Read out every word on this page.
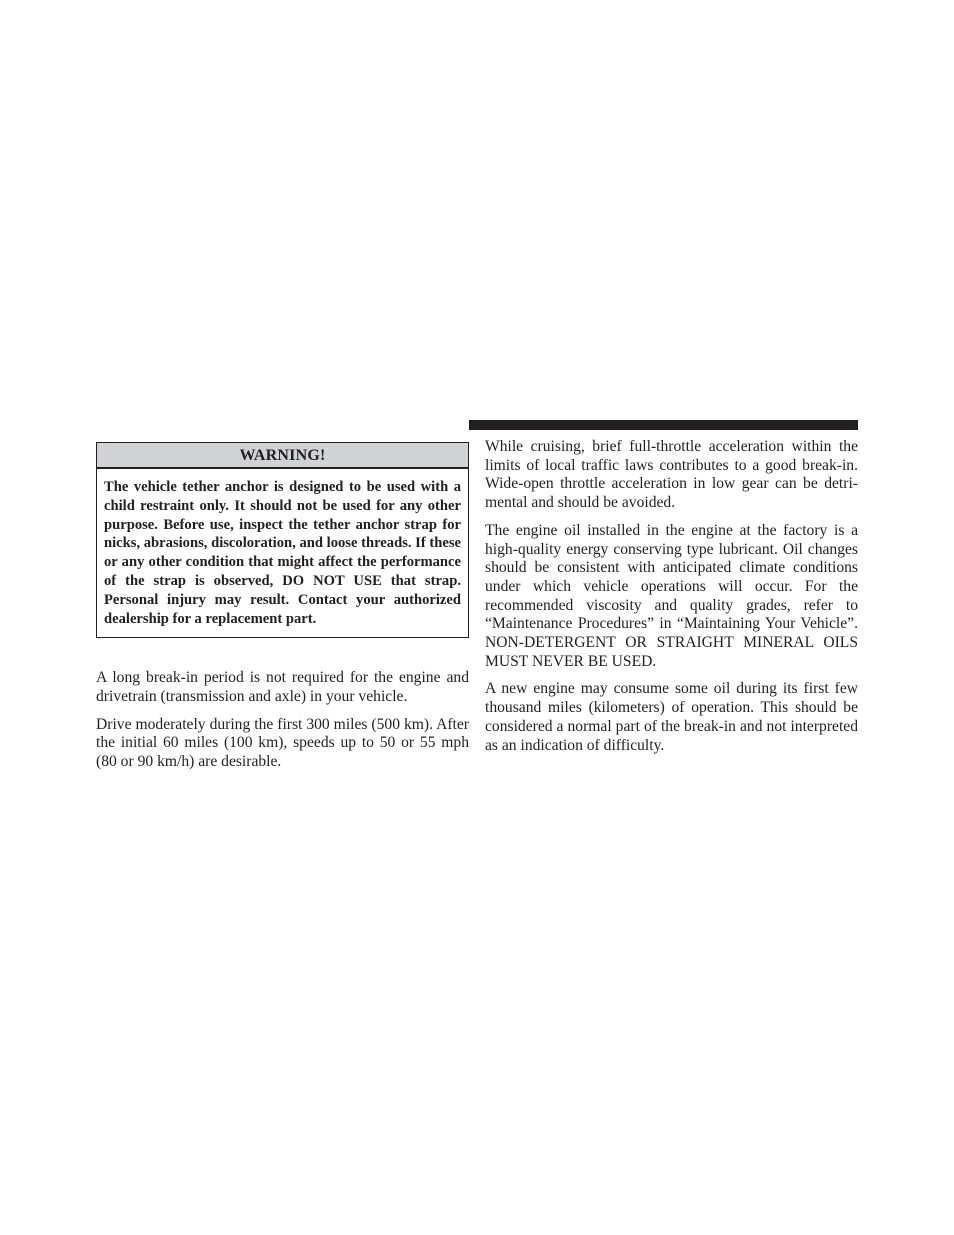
WARNING!
The vehicle tether anchor is designed to be used with a child restraint only. It should not be used for any other purpose. Before use, inspect the tether anchor strap for nicks, abrasions, discoloration, and loose threads. If these or any other condition that might affect the performance of the strap is observed, DO NOT USE that strap. Personal injury may result. Contact your authorized dealership for a replacement part.

A long break-in period is not required for the engine and drivetrain (transmission and axle) in your vehicle.

Drive moderately during the first 300 miles (500 km). After the initial 60 miles (100 km), speeds up to 50 or 55 mph (80 or 90 km/h) are desirable.

While cruising, brief full-throttle acceleration within the limits of local traffic laws contributes to a good break-in. Wide-open throttle acceleration in low gear can be detrimental and should be avoided.

The engine oil installed in the engine at the factory is a high-quality energy conserving type lubricant. Oil changes should be consistent with anticipated climate conditions under which vehicle operations will occur. For the recommended viscosity and quality grades, refer to “Maintenance Procedures” in “Maintaining Your Vehicle”. NON-DETERGENT OR STRAIGHT MINERAL OILS MUST NEVER BE USED.

A new engine may consume some oil during its first few thousand miles (kilometers) of operation. This should be considered a normal part of the break-in and not interpreted as an indication of difficulty.
